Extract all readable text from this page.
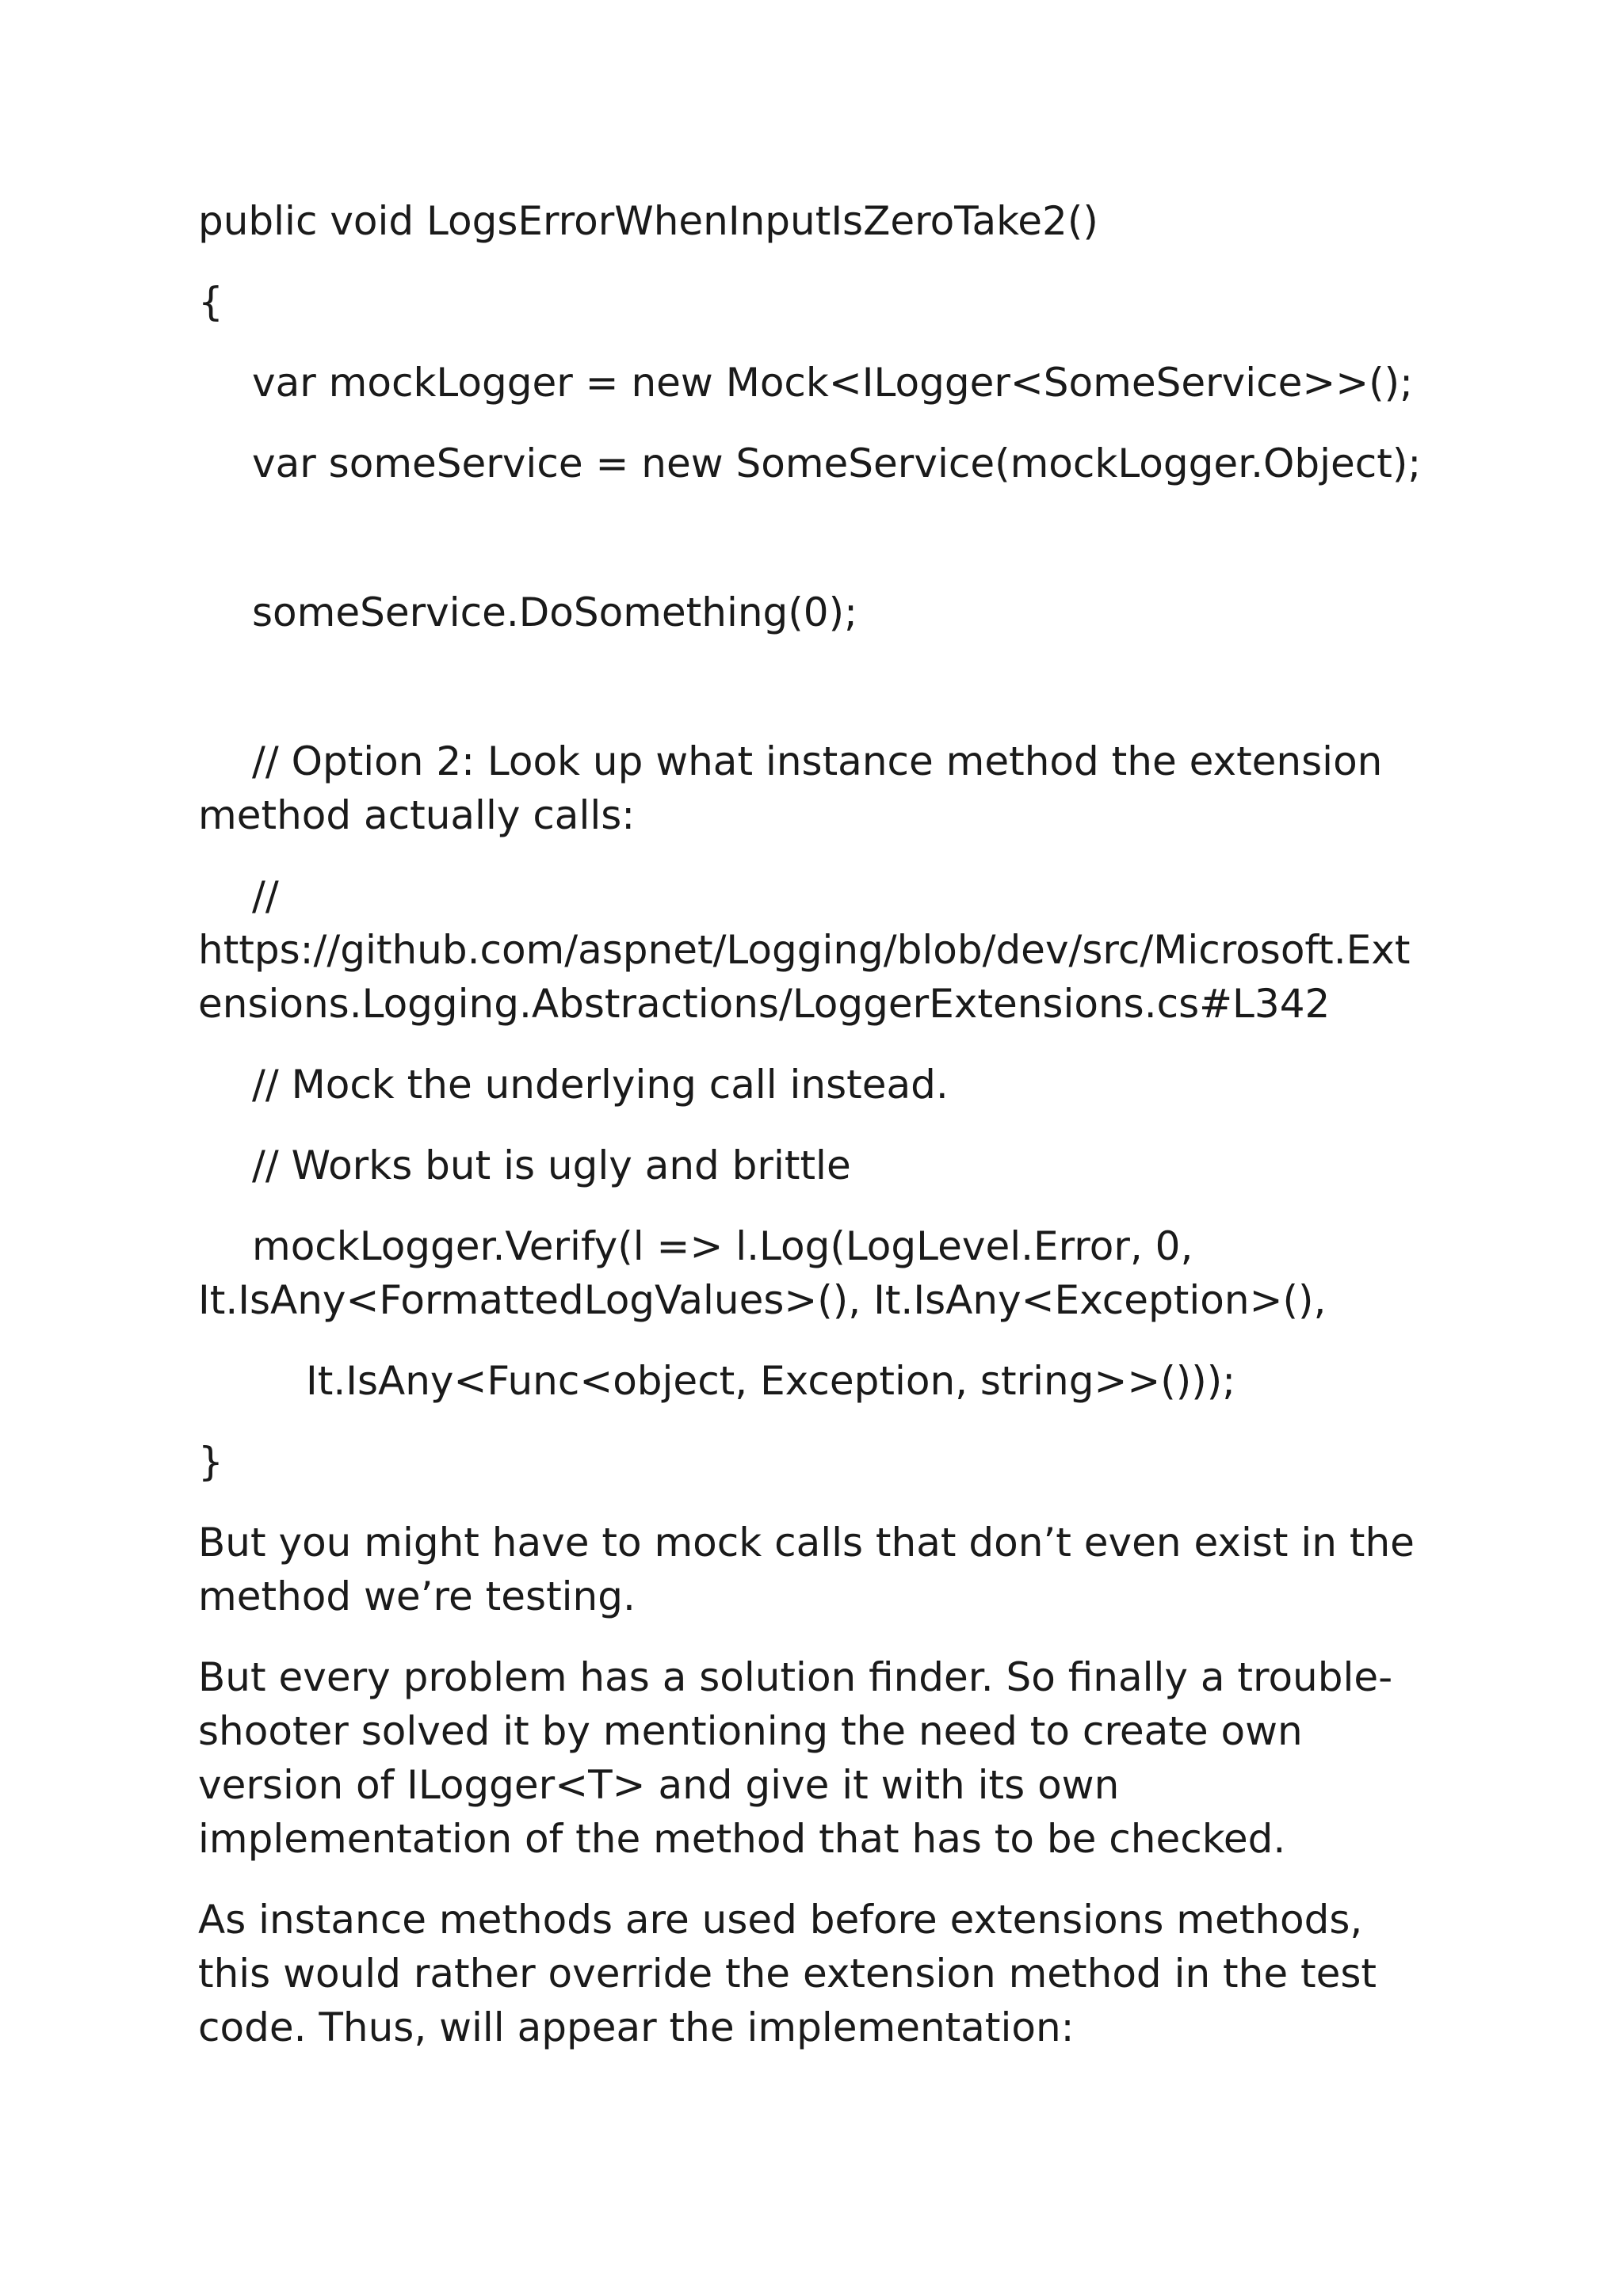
public void LogsErrorWhenInputIsZeroTake2()
{
var mockLogger = new Mock<ILogger<SomeService>>();
var someService = new SomeService(mockLogger.Object);
someService.DoSomething(0);
// Option 2: Look up what instance method the extension
method actually calls:
//
https://github.com/aspnet/Logging/blob/dev/src/Microsoft.Extensions.Logging.Abstractions/LoggerExtensions.cs#L342
// Mock the underlying call instead.
// Works but is ugly and brittle
mockLogger.Verify(l => l.Log(LogLevel.Error, 0,
It.IsAny<FormattedLogValues>(), It.IsAny<Exception>(),
It.IsAny<Func<object, Exception, string>>()));
}

But you might have to mock calls that don’t even exist in the method we’re testing.

But every problem has a solution finder. So finally a trouble-shooter solved it by mentioning the need to create own version of ILogger<T> and give it with its own implementation of the method that has to be checked.

As instance methods are used before extensions methods, this would rather override the extension method in the test code. Thus, will appear the implementation:
